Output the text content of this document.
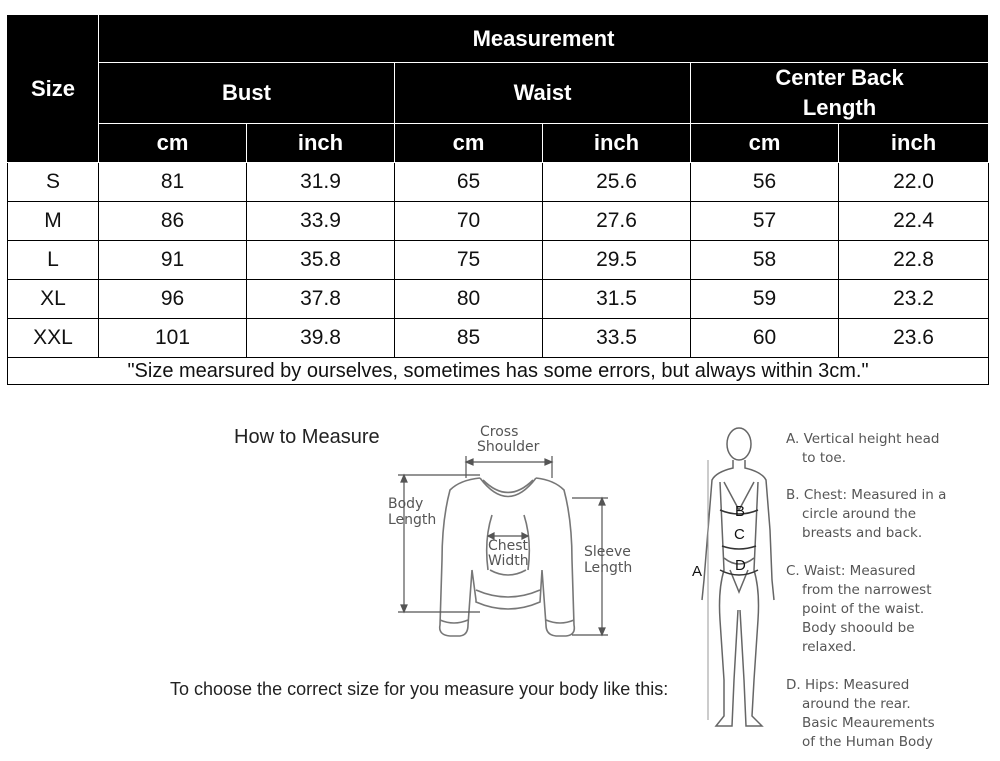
Size	Measurement					
	Bust		Waist		Center Back Length	
	cm	inch	cm	inch	cm	inch
S	81	31.9	65	25.6	56	22.0
M	86	33.9	70	27.6	57	22.4
L	91	35.8	75	29.5	58	22.8
XL	96	37.8	80	31.5	59	23.2
XXL	101	39.8	85	33.5	60	23.6
"Size mearsured by ourselves, sometimes has some errors, but always within 3cm."						
How to Measure
To choose the correct size for you measure your body like this:
Cross
Shoulder
Body
Length
Chest
Width
Sleeve
Length
B
C
D
A

A. Vertical height head

to toe.

B. Chest: Measured in a

circle around the

breasts and back.

C. Waist: Measured

from the narrowest

point of the waist.

Body shoould be

relaxed.

D. Hips: Measured

around the rear.

Basic Meaurements

of the Human Body
